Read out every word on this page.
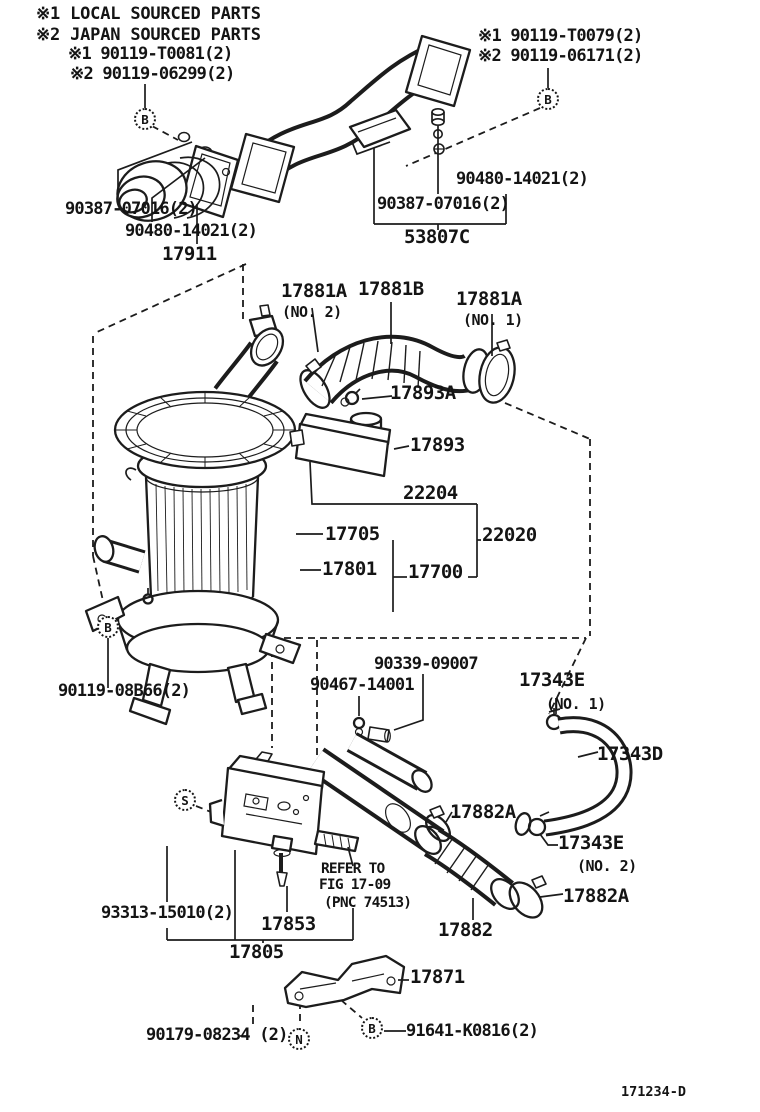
※1 LOCAL SOURCED PARTS
※2 JAPAN SOURCED PARTS
※1 90119-T0081(2)
※2 90119-06299(2)
※1 90119-T0079(2)
※2 90119-06171(2)
90387-07016(2)
90480-14021(2)
17911
90480-14021(2)
90387-07016(2)
53807C
17881A
(NO. 2)
17881B 17881A
(NO. 1)
17893A
17893
22204
22020
17705
17801 17700
90119-08B66(2)
90339-09007
90467-14001	17343E
(NO. 1)
17343D
17882A
17343E
(NO. 2)
17882A
93313-15010(2) 17853
REFER TO
FIG 17-09
(PNC 74513)
17882
17805
17871
90179-08234 (2)	91641-K0816(2)
171234-D
B
B
B
S
N
B
